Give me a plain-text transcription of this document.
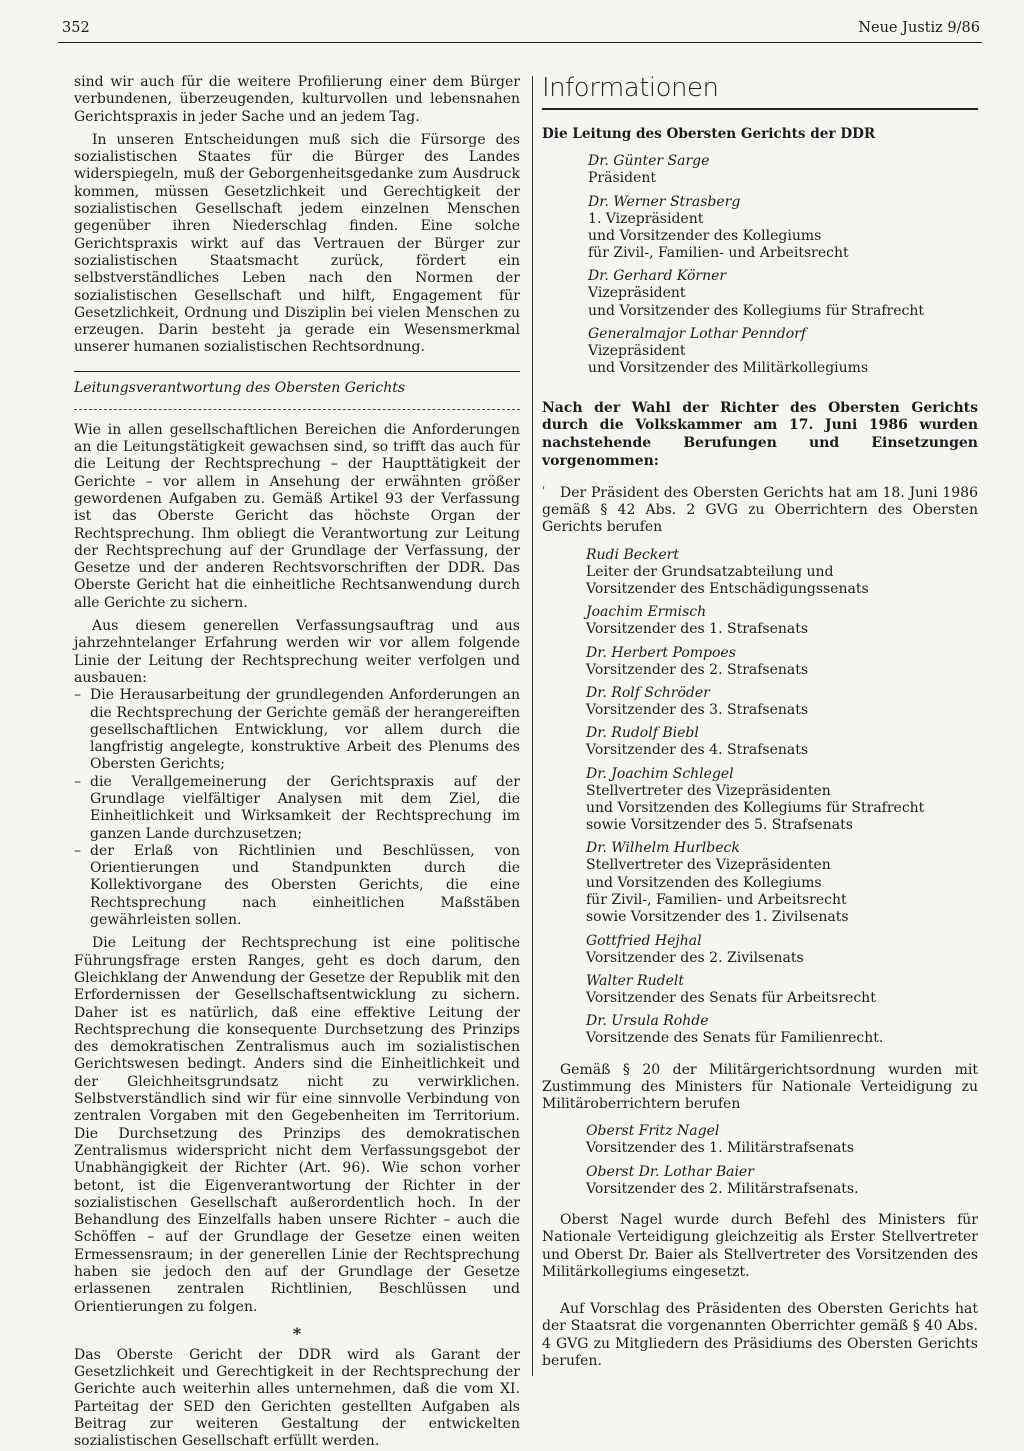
352	Neue Justiz 9/86

sind wir auch für die weitere Profilierung einer dem Bürger verbundenen, überzeugenden, kulturvollen und lebensnahen Gerichtspraxis in jeder Sache und an jedem Tag.

In unseren Entscheidungen muß sich die Fürsorge des sozialistischen Staates für die Bürger des Landes widerspiegeln, muß der Geborgenheitsgedanke zum Ausdruck kommen, müssen Gesetzlichkeit und Gerechtigkeit der sozialistischen Gesellschaft jedem einzelnen Menschen gegenüber ihren Niederschlag finden. Eine solche Gerichtspraxis wirkt auf das Vertrauen der Bürger zur sozialistischen Staatsmacht zurück, fördert ein selbstverständliches Leben nach den Normen der sozialistischen Gesellschaft und hilft, Engagement für Gesetzlichkeit, Ordnung und Disziplin bei vielen Menschen zu erzeugen. Darin besteht ja gerade ein Wesensmerkmal unserer humanen sozialistischen Rechtsordnung.

Leitungsverantwortung des Obersten Gerichts

Wie in allen gesellschaftlichen Bereichen die Anforderungen an die Leitungstätigkeit gewachsen sind, so trifft das auch für die Leitung der Rechtsprechung – der Haupttätigkeit der Gerichte – vor allem in Ansehung der erwähnten größer gewordenen Aufgaben zu. Gemäß Artikel 93 der Verfassung ist das Oberste Gericht das höchste Organ der Rechtsprechung. Ihm obliegt die Verantwortung zur Leitung der Rechtsprechung auf der Grundlage der Verfassung, der Gesetze und der anderen Rechtsvorschriften der DDR. Das Oberste Gericht hat die einheitliche Rechtsanwendung durch alle Gerichte zu sichern.

Aus diesem generellen Verfassungsauftrag und aus jahrzehntelanger Erfahrung werden wir vor allem folgende Linie der Leitung der Rechtsprechung weiter verfolgen und ausbauen:

– Die Herausarbeitung der grundlegenden Anforderungen an die Rechtsprechung der Gerichte gemäß der herangereiften gesellschaftlichen Entwicklung, vor allem durch die langfristig angelegte, konstruktive Arbeit des Plenums des Obersten Gerichts;
– die Verallgemeinerung der Gerichtspraxis auf der Grundlage vielfältiger Analysen mit dem Ziel, die Einheitlichkeit und Wirksamkeit der Rechtsprechung im ganzen Lande durchzusetzen;
– der Erlaß von Richtlinien und Beschlüssen, von Orientierungen und Standpunkten durch die Kollektivorgane des Obersten Gerichts, die eine Rechtsprechung nach einheitlichen Maßstäben gewährleisten sollen.

Die Leitung der Rechtsprechung ist eine politische Führungsfrage ersten Ranges, geht es doch darum, den Gleichklang der Anwendung der Gesetze der Republik mit den Erfordernissen der Gesellschaftsentwicklung zu sichern. Daher ist es natürlich, daß eine effektive Leitung der Rechtsprechung die konsequente Durchsetzung des Prinzips des demokratischen Zentralismus auch im sozialistischen Gerichtswesen bedingt. Anders sind die Einheitlichkeit und der Gleichheitsgrundsatz nicht zu verwirklichen. Selbstverständlich sind wir für eine sinnvolle Verbindung von zentralen Vorgaben mit den Gegebenheiten im Territorium. Die Durchsetzung des Prinzips des demokratischen Zentralismus widerspricht nicht dem Verfassungsgebot der Unabhängigkeit der Richter (Art. 96). Wie schon vorher betont, ist die Eigenverantwortung der Richter in der sozialistischen Gesellschaft außerordentlich hoch. In der Behandlung des Einzelfalls haben unsere Richter – auch die Schöffen – auf der Grundlage der Gesetze einen weiten Ermessensraum; in der generellen Linie der Rechtsprechung haben sie jedoch den auf der Grundlage der Gesetze erlassenen zentralen Richtlinien, Beschlüssen und Orientierungen zu folgen.

*

Das Oberste Gericht der DDR wird als Garant der Gesetzlichkeit und Gerechtigkeit in der Rechtsprechung der Gerichte auch weiterhin alles unternehmen, daß die vom XI. Parteitag der SED den Gerichten gestellten Aufgaben als Beitrag zur weiteren Gestaltung der entwickelten sozialistischen Gesellschaft erfüllt werden.

Informationen
Die Leitung des Obersten Gerichts der DDR
Dr. Günter Sarge
Präsident
Dr. Werner Strasberg
1. Vizepräsident
und Vorsitzender des Kollegiums
für Zivil-, Familien- und Arbeitsrecht
Dr. Gerhard Körner
Vizepräsident
und Vorsitzender des Kollegiums für Strafrecht
Generalmajor Lothar Penndorf
Vizepräsident
und Vorsitzender des Militärkollegiums

Nach der Wahl der Richter des Obersten Gerichts durch die Volkskammer am 17. Juni 1986 wurden nachstehende Berufungen und Einsetzungen vorgenommen:

' Der Präsident des Obersten Gerichts hat am 18. Juni 1986 gemäß § 42 Abs. 2 GVG zu Oberrichtern des Obersten Gerichts berufen

Rudi Beckert
Leiter der Grundsatzabteilung und
Vorsitzender des Entschädigungssenats
Joachim Ermisch
Vorsitzender des 1. Strafsenats
Dr. Herbert Pompoes
Vorsitzender des 2. Strafsenats
Dr. Rolf Schröder
Vorsitzender des 3. Strafsenats
Dr. Rudolf Biebl
Vorsitzender des 4. Strafsenats
Dr. Joachim Schlegel
Stellvertreter des Vizepräsidenten
und Vorsitzenden des Kollegiums für Strafrecht
sowie Vorsitzender des 5. Strafsenats
Dr. Wilhelm Hurlbeck
Stellvertreter des Vizepräsidenten
und Vorsitzenden des Kollegiums
für Zivil-, Familien- und Arbeitsrecht
sowie Vorsitzender des 1. Zivilsenats
Gottfried Hejhal
Vorsitzender des 2. Zivilsenats
Walter Rudelt
Vorsitzender des Senats für Arbeitsrecht
Dr. Ursula Rohde
Vorsitzende des Senats für Familienrecht.

Gemäß § 20 der Militärgerichtsordnung wurden mit Zustimmung des Ministers für Nationale Verteidigung zu Militäroberrichtern berufen

Oberst Fritz Nagel
Vorsitzender des 1. Militärstrafsenats
Oberst Dr. Lothar Baier
Vorsitzender des 2. Militärstrafsenats.

Oberst Nagel wurde durch Befehl des Ministers für Nationale Verteidigung gleichzeitig als Erster Stellvertreter und Oberst Dr. Baier als Stellvertreter des Vorsitzenden des Militärkollegiums eingesetzt.

Auf Vorschlag des Präsidenten des Obersten Gerichts hat der Staatsrat die vorgenannten Oberrichter gemäß § 40 Abs. 4 GVG zu Mitgliedern des Präsidiums des Obersten Gerichts berufen.
